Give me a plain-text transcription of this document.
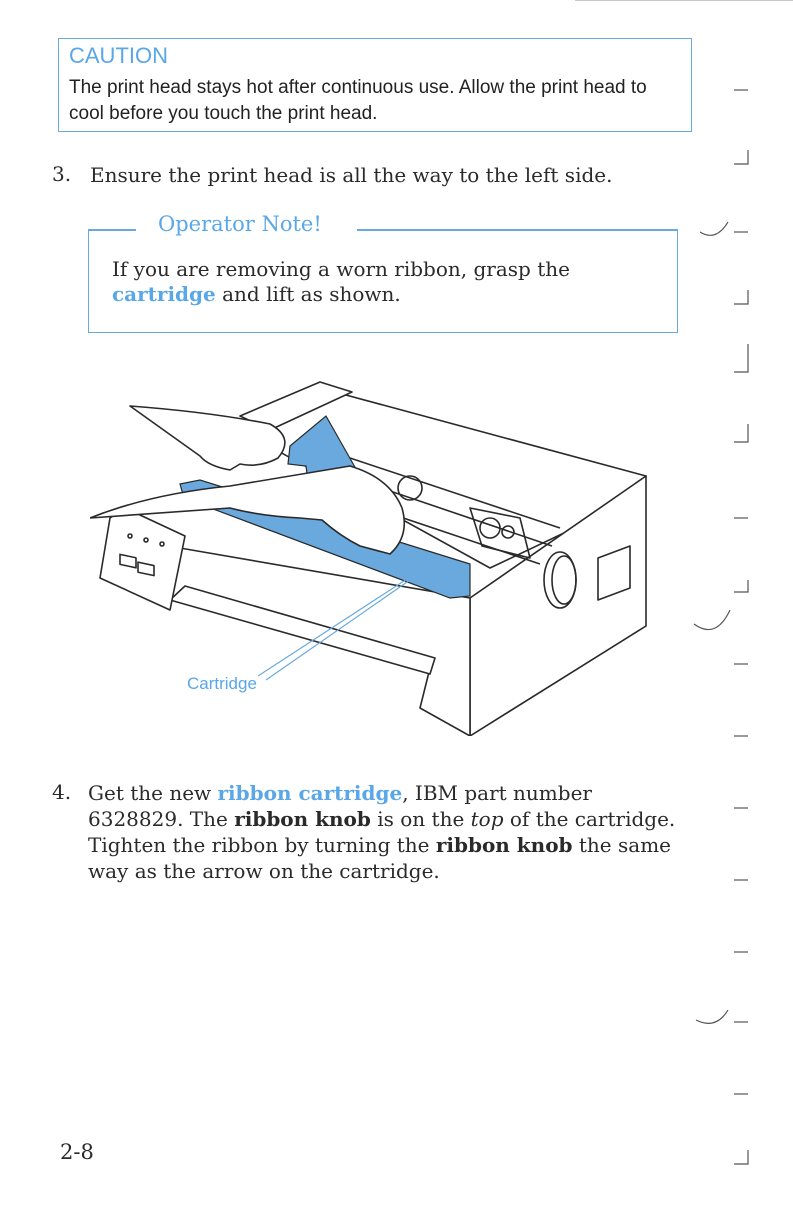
CAUTION

The print head stays hot after continuous use. Allow the print head to cool before you touch the print head.

3. Ensure the print head is all the way to the left side.
Operator Note!

If you are removing a worn ribbon, grasp the
cartridge and lift as shown.

Cartridge
4. Get the new ribbon cartridge, IBM part number 6328829. The ribbon knob is on the top of the cartridge. Tighten the ribbon by turning the ribbon knob the same way as the arrow on the cartridge.
2-8
